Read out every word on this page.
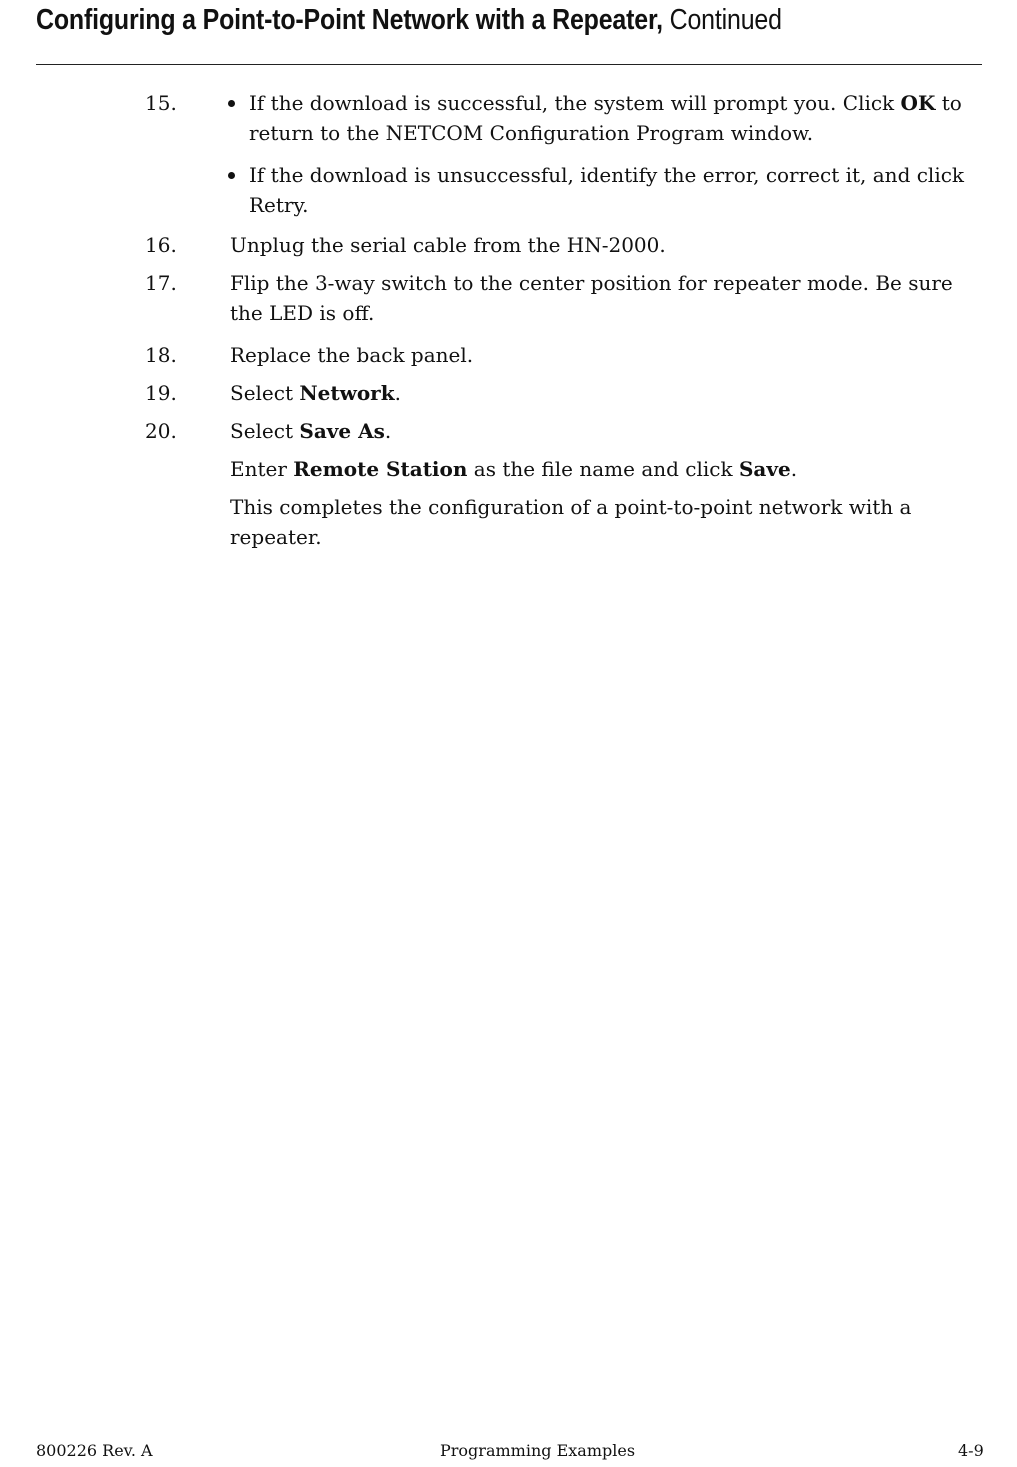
Configuring a Point-to-Point Network with a Repeater, Continued
15.	If the download is successful, the system will prompt you. Click OK to return to the NETCOM Configuration Program window.
If the download is unsuccessful, identify the error, correct it, and click Retry.
16.	Unplug the serial cable from the HN-2000.
17.	Flip the 3-way switch to the center position for repeater mode. Be sure the LED is off.
18.	Replace the back panel.
19.	Select Network.
20.	Select Save As.
Enter Remote Station as the file name and click Save.
This completes the configuration of a point-to-point network with a repeater.
800226 Rev. A	Programming Examples	4-9
